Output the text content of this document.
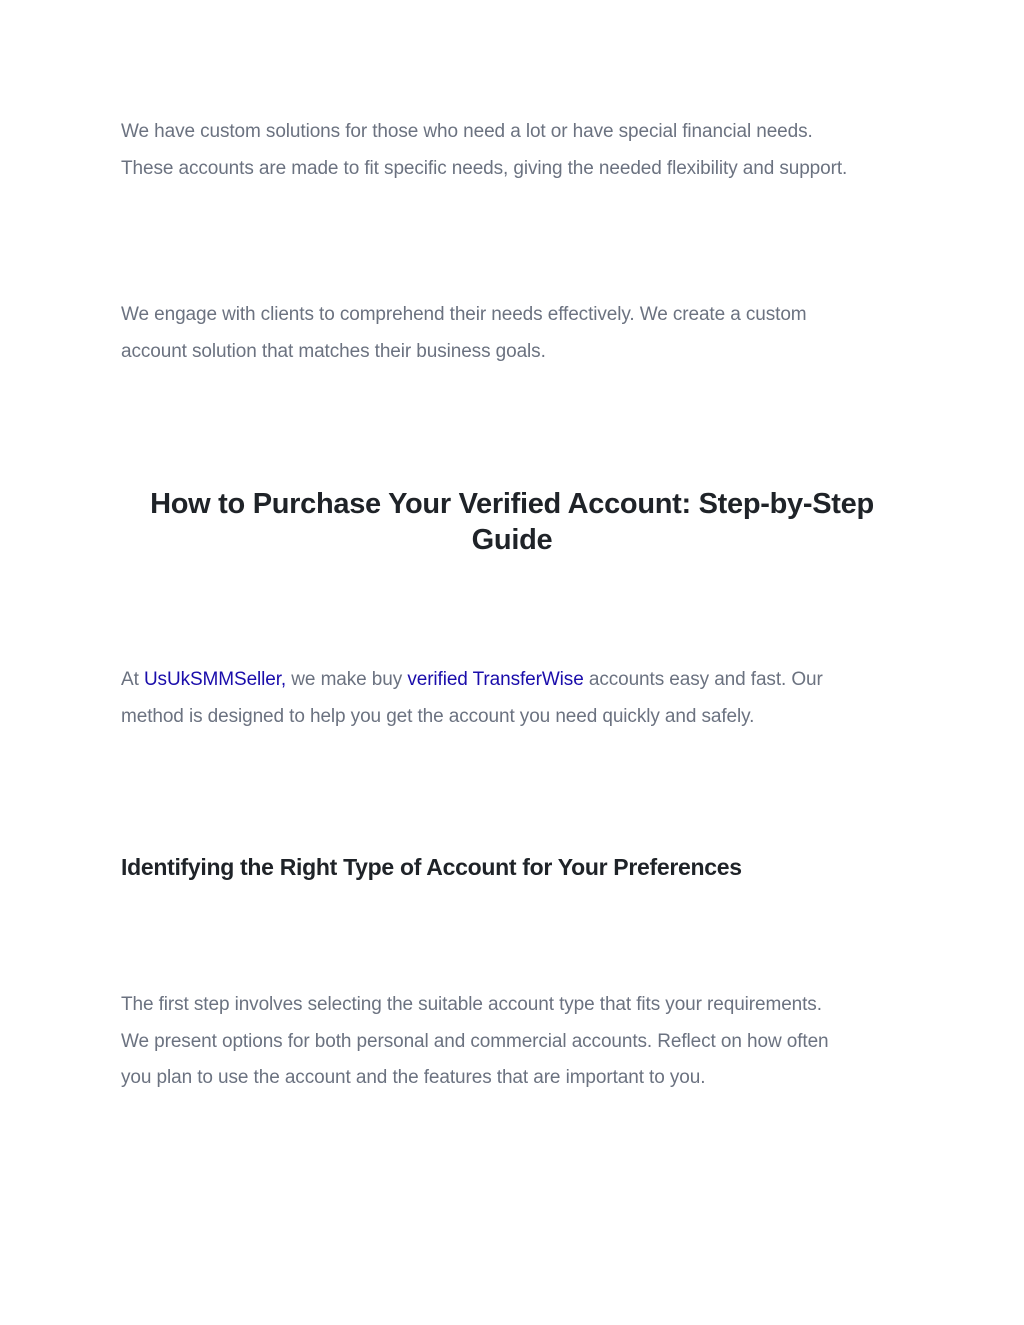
We have custom solutions for those who need a lot or have special financial needs.
These accounts are made to fit specific needs, giving the needed flexibility and support.

We engage with clients to comprehend their needs effectively. We create a custom
account solution that matches their business goals.

How to Purchase Your Verified Account: Step-by-Step
Guide

At UsUkSMMSeller, we make buy verified TransferWise accounts easy and fast. Our
method is designed to help you get the account you need quickly and safely.

Identifying the Right Type of Account for Your Preferences

The first step involves selecting the suitable account type that fits your requirements.
We present options for both personal and commercial accounts. Reflect on how often
you plan to use the account and the features that are important to you.
